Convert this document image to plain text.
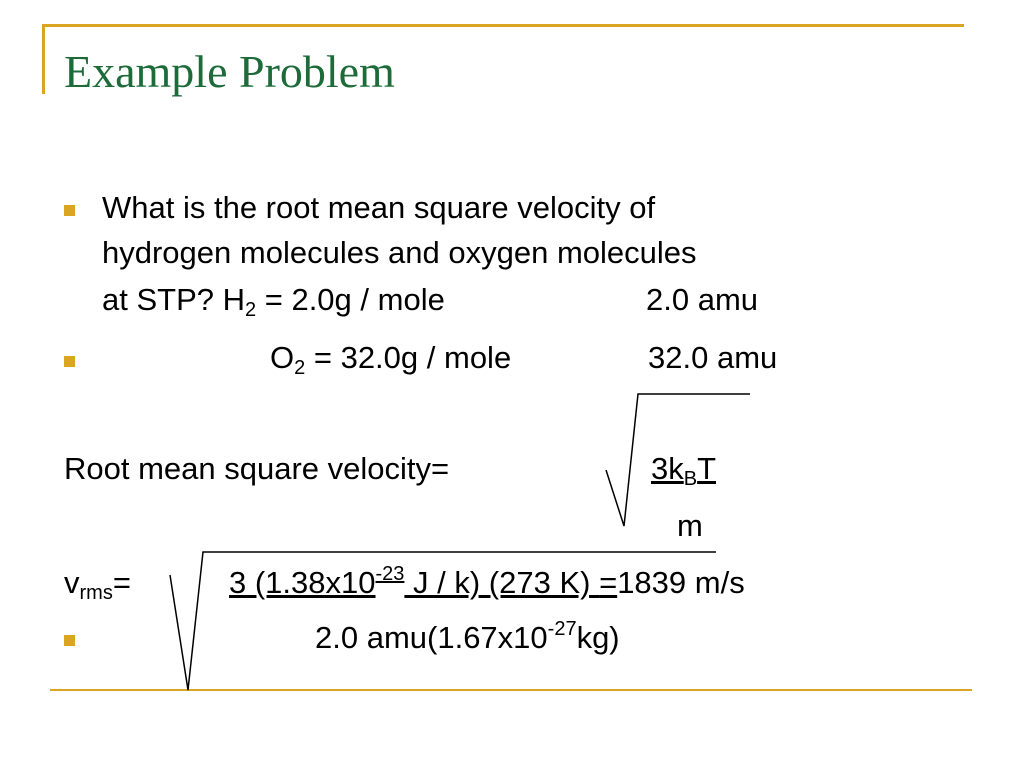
Example Problem
What is the root mean square velocity of
hydrogen molecules and oxygen molecules
at STP? $H_2 = 2.0g$ / mole	2.0 amu
$O_2 = 32.0g$ / mole	32.0 amu
Root mean square velocity=	$3k_BT$
m
$v_{rms}=$	3 ($1.38x10^{-23}$ J / k) (273 K) =1839 m/s
2.0 $amu(1.67x10^{-27}kg)$
